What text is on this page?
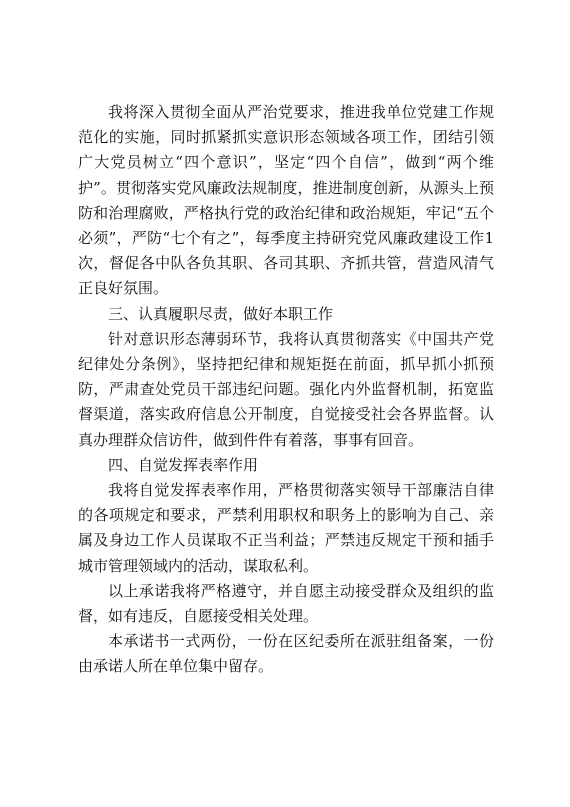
我将深入贯彻全面从严治党要求，推进我单位党建工作规范化的实施，同时抓紧抓实意识形态领域各项工作，团结引领广大党员树立“四个意识”，坚定“四个自信”，做到“两个维护”。贯彻落实党风廉政法规制度，推进制度创新，从源头上预防和治理腐败，严格执行党的政治纪律和政治规矩，牢记“五个必须”，严防“七个有之”，每季度主持研究党风廉政建设工作1次，督促各中队各负其职、各司其职、齐抓共管，营造风清气正良好氛围。

三、认真履职尽责，做好本职工作

针对意识形态薄弱环节，我将认真贯彻落实《中国共产党纪律处分条例》，坚持把纪律和规矩挺在前面，抓早抓小抓预防，严肃查处党员干部违纪问题。强化内外监督机制，拓宽监督渠道，落实政府信息公开制度，自觉接受社会各界监督。认真办理群众信访件，做到件件有着落，事事有回音。

四、自觉发挥表率作用

我将自觉发挥表率作用，严格贯彻落实领导干部廉洁自律的各项规定和要求，严禁利用职权和职务上的影响为自己、亲属及身边工作人员谋取不正当利益；严禁违反规定干预和插手城市管理领域内的活动，谋取私利。

以上承诺我将严格遵守，并自愿主动接受群众及组织的监督，如有违反，自愿接受相关处理。

本承诺书一式两份，一份在区纪委所在派驻组备案，一份由承诺人所在单位集中留存。
